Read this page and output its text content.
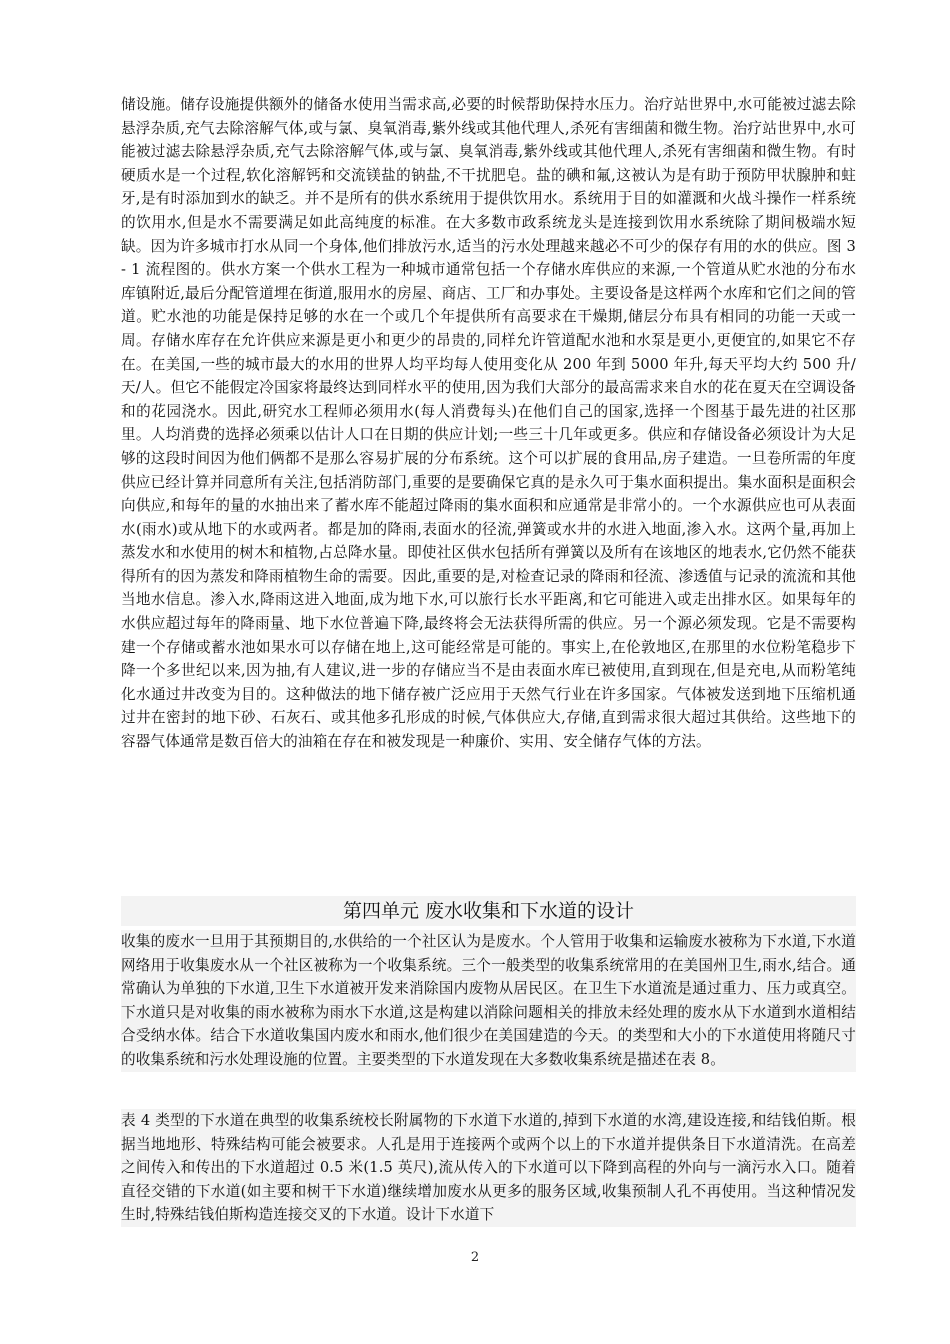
储设施。储存设施提供额外的储备水使用当需求高,必要的时候帮助保持水压力。治疗站世界中,水可能被过滤去除悬浮杂质,充气去除溶解气体,或与氯、臭氧消毒,紫外线或其他代理人,杀死有害细菌和微生物。治疗站世界中,水可能被过滤去除悬浮杂质,充气去除溶解气体,或与氯、臭氧消毒,紫外线或其他代理人,杀死有害细菌和微生物。有时硬质水是一个过程,软化溶解钙和交流镁盐的钠盐,不干扰肥皂。盐的碘和氟,这被认为是有助于预防甲状腺肿和蛀牙,是有时添加到水的缺乏。并不是所有的供水系统用于提供饮用水。系统用于目的如灌溉和火战斗操作一样系统的饮用水,但是水不需要满足如此高纯度的标准。在大多数市政系统龙头是连接到饮用水系统除了期间极端水短缺。因为许多城市打水从同一个身体,他们排放污水,适当的污水处理越来越必不可少的保存有用的水的供应。图 3 - 1 流程图的。供水方案一个供水工程为一种城市通常包括一个存储水库供应的来源,一个管道从贮水池的分布水库镇附近,最后分配管道埋在街道,服用水的房屋、商店、工厂和办事处。主要设备是这样两个水库和它们之间的管道。贮水池的功能是保持足够的水在一个或几个年提供所有高要求在干燥期,储层分布具有相同的功能一天或一周。存储水库存在允许供应来源是更小和更少的昂贵的,同样允许管道配水池和水泵是更小,更便宜的,如果它不存在。在美国,一些的城市最大的水用的世界人均平均每人使用变化从 200 年到 5000 年升,每天平均大约 500 升/天/人。但它不能假定冷国家将最终达到同样水平的使用,因为我们大部分的最高需求来自水的花在夏天在空调设备和的花园浇水。因此,研究水工程师必须用水(每人消费每头)在他们自己的国家,选择一个图基于最先进的社区那里。人均消费的选择必须乘以估计人口在日期的供应计划;一些三十几年或更多。供应和存储设备必须设计为大足够的这段时间因为他们俩都不是那么容易扩展的分布系统。这个可以扩展的食用品,房子建造。一旦卷所需的年度供应已经计算并同意所有关注,包括消防部门,重要的是要确保它真的是永久可于集水面积提出。集水面积是面积会向供应,和每年的量的水抽出来了蓄水库不能超过降雨的集水面积和应通常是非常小的。一个水源供应也可从表面水(雨水)或从地下的水或两者。都是加的降雨,表面水的径流,弹簧或水井的水进入地面,渗入水。这两个量,再加上蒸发水和水使用的树木和植物,占总降水量。即使社区供水包括所有弹簧以及所有在该地区的地表水,它仍然不能获得所有的因为蒸发和降雨植物生命的需要。因此,重要的是,对检查记录的降雨和径流、渗透值与记录的流流和其他当地水信息。渗入水,降雨这进入地面,成为地下水,可以旅行长水平距离,和它可能进入或走出排水区。如果每年的水供应超过每年的降雨量、地下水位普遍下降,最终将会无法获得所需的供应。另一个源必须发现。它是不需要构建一个存储或蓄水池如果水可以存储在地上,这可能经常是可能的。事实上,在伦敦地区,在那里的水位粉笔稳步下降一个多世纪以来,因为抽,有人建议,进一步的存储应当不是由表面水库已被使用,直到现在,但是充电,从而粉笔纯化水通过井改变为目的。这种做法的地下储存被广泛应用于天然气行业在许多国家。气体被发送到地下压缩机通过井在密封的地下砂、石灰石、或其他多孔形成的时候,气体供应大,存储,直到需求很大超过其供给。这些地下的容器气体通常是数百倍大的油箱在存在和被发现是一种廉价、实用、安全储存气体的方法。
第四单元 废水收集和下水道的设计
收集的废水一旦用于其预期目的,水供给的一个社区认为是废水。个人管用于收集和运输废水被称为下水道,下水道网络用于收集废水从一个社区被称为一个收集系统。三个一般类型的收集系统常用的在美国州卫生,雨水,结合。通常确认为单独的下水道,卫生下水道被开发来消除国内废物从居民区。在卫生下水道流是通过重力、压力或真空。下水道只是对收集的雨水被称为雨水下水道,这是构建以消除问题相关的排放未经处理的废水从下水道到水道相结合受纳水体。结合下水道收集国内废水和雨水,他们很少在美国建造的今天。的类型和大小的下水道使用将随尺寸的收集系统和污水处理设施的位置。主要类型的下水道发现在大多数收集系统是描述在表 8。
表 4 类型的下水道在典型的收集系统校长附属物的下水道下水道的,掉到下水道的水湾,建设连接,和结钱伯斯。根据当地地形、特殊结构可能会被要求。人孔是用于连接两个或两个以上的下水道并提供条目下水道清洗。在高差之间传入和传出的下水道超过 0.5 米(1.5 英尺),流从传入的下水道可以下降到高程的外向与一滴污水入口。随着直径交错的下水道(如主要和树干下水道)继续增加废水从更多的服务区域,收集预制人孔不再使用。当这种情况发生时,特殊结钱伯斯构造连接交叉的下水道。设计下水道下
2
